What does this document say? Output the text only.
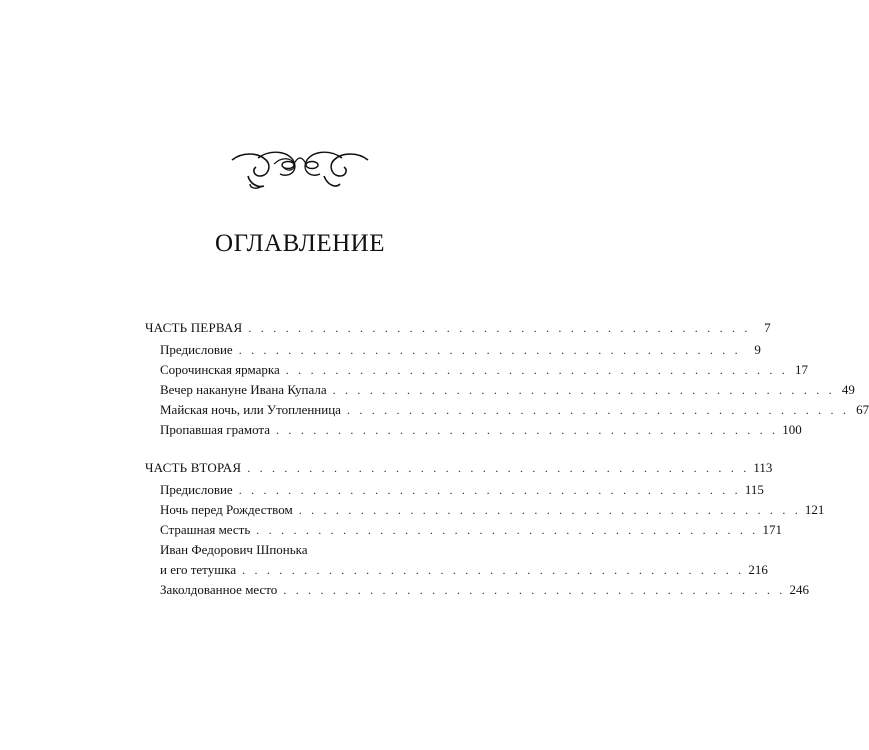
ОГЛАВЛЕНИЕ
ЧАСТЬ ПЕРВАЯ . . . . . . . . . . . . . . . . . . . . . . . . . . . . . . . . . . . . . . . . .	7
Предисловие . . . . . . . . . . . . . . . . . . . . . . . . . . . . . . . . . . . . . . . . .	9
Сорочинская ярмарка . . . . . . . . . . . . . . . . . . . . . . . . . . . . . . . . . . . . . . . . . 17
Вечер накануне Ивана Купала . . . . . . . . . . . . . . . . . . . . . . . . . . . . . . . . . . . . . . . . . 49
Майская ночь, или Утопленница . . . . . . . . . . . . . . . . . . . . . . . . . . . . . . . . . . . . . . . . . 67
Пропавшая грамота . . . . . . . . . . . . . . . . . . . . . . . . . . . . . . . . . . . . . . . . . 100
ЧАСТЬ ВТОРАЯ . . . . . . . . . . . . . . . . . . . . . . . . . . . . . . . . . . . . . . . . . 113
Предисловие . . . . . . . . . . . . . . . . . . . . . . . . . . . . . . . . . . . . . . . . . 115
Ночь перед Рождеством . . . . . . . . . . . . . . . . . . . . . . . . . . . . . . . . . . . . . . . . . 121
Страшная месть . . . . . . . . . . . . . . . . . . . . . . . . . . . . . . . . . . . . . . . . . 171
Иван Федорович Шпонька
и его тетушка . . . . . . . . . . . . . . . . . . . . . . . . . . . . . . . . . . . . . . . . . 216
Заколдованное место . . . . . . . . . . . . . . . . . . . . . . . . . . . . . . . . . . . . . . . . . 246
